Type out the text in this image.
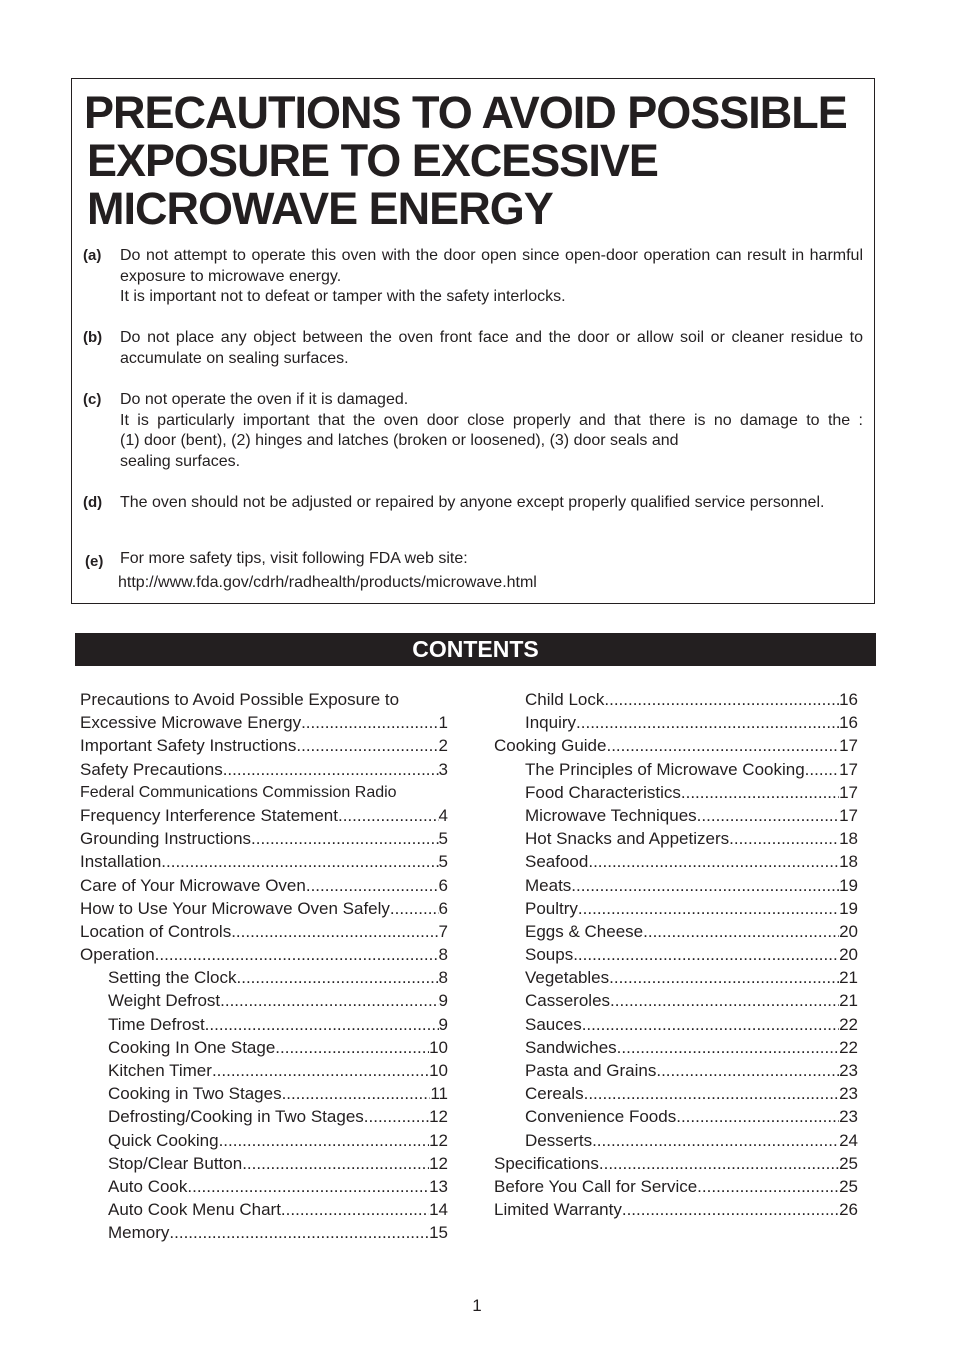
PRECAUTIONS TO AVOID POSSIBLE
EXPOSURE TO EXCESSIVE
MICROWAVE ENERGY
(a) Do not attempt to operate this oven with the door open since open-door operation can result in harmful exposure to microwave energy.
It is important not to defeat or tamper with the safety interlocks.
(b) Do not place any object between the oven front face and the door or allow soil or cleaner residue to accumulate on sealing surfaces.
(c) Do not operate the oven if it is damaged.
It is particularly important that the oven door close properly and that there is no damage to the :
(1) door (bent), (2) hinges and latches (broken or loosened), (3) door seals and
sealing surfaces.
(d) The oven should not be adjusted or repaired by anyone except properly qualified service personnel.
(e) For more safety tips, visit following FDA web site:
http://www.fda.gov/cdrh/radhealth/products/microwave.html
CONTENTS
Precautions to Avoid Possible Exposure to
Excessive Microwave Energy .....	1
Important Safety Instructions .....	2
Safety Precautions .....	3
Federal Communications Commission Radio
Frequency Interference Statement .....	4
Grounding Instructions .....	5
Installation .....	5
Care of Your Microwave Oven .....	6
How to Use Your Microwave Oven Safely .....	6
Location of Controls .....	7
Operation .....	8
Setting the Clock .....	8
Weight Defrost .....	9
Time Defrost .....	9
Cooking In One Stage .....	10
Kitchen Timer .....	10
Cooking in Two Stages .....	11
Defrosting/Cooking in Two Stages .....	12
Quick Cooking .....	12
Stop/Clear Button .....	12
Auto Cook .....	13
Auto Cook Menu Chart .....	14
Memory .....	15
Child Lock .....	16
Inquiry .....	16
Cooking Guide .....	17
The Principles of Microwave Cooking ..... 17
Food Characteristics .....	17
Microwave Techniques .....	17
Hot Snacks and Appetizers .....	18
Seafood .....	18
Meats .....	19
Poultry .....	19
Eggs & Cheese .....	20
Soups .....	20
Vegetables .....	21
Casseroles .....	21
Sauces .....	22
Sandwiches .....	22
Pasta and Grains .....	23
Cereals .....	23
Convenience Foods .....	23
Desserts .....	24
Specifications .....	25
Before You Call for Service .....	25
Limited Warranty .....	26
1
